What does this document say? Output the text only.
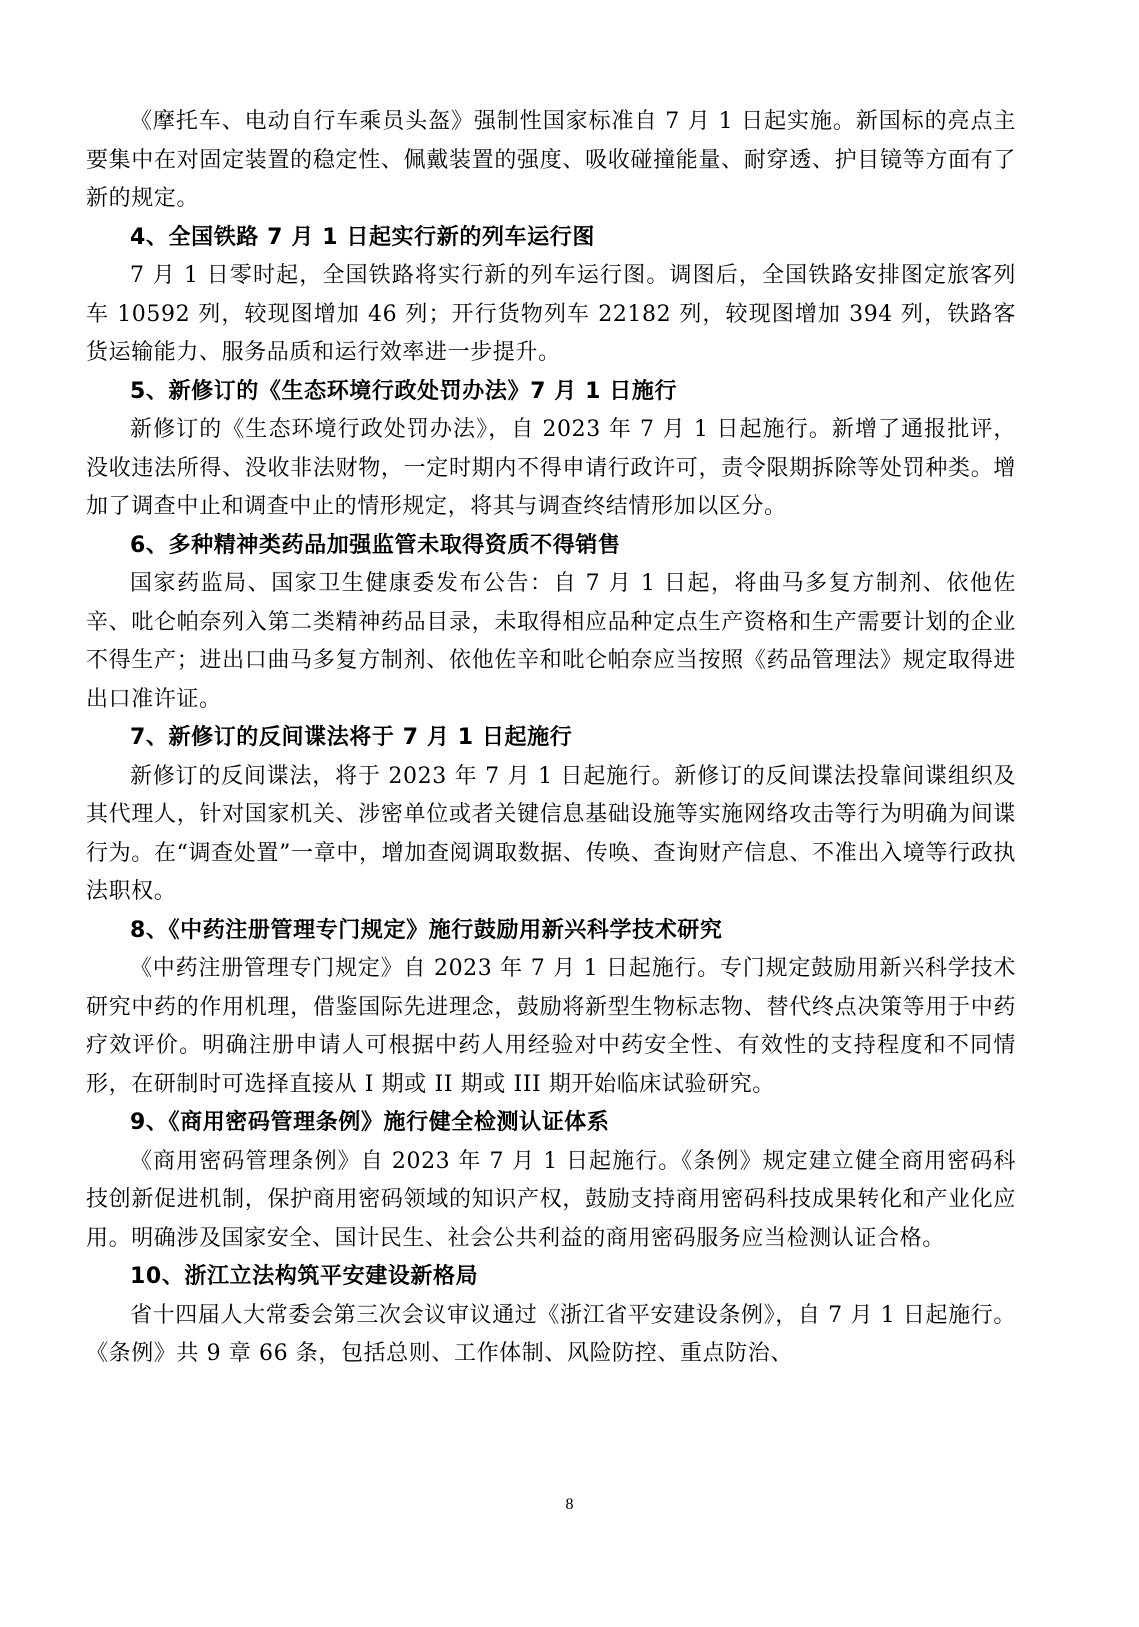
《摩托车、电动自行车乘员头盔》强制性国家标准自 7 月 1 日起实施。新国标的亮点主要集中在对固定装置的稳定性、佩戴装置的强度、吸收碰撞能量、耐穿透、护目镜等方面有了新的规定。

4、全国铁路 7 月 1 日起实行新的列车运行图

7 月 1 日零时起，全国铁路将实行新的列车运行图。调图后，全国铁路安排图定旅客列车 10592 列，较现图增加 46 列；开行货物列车 22182 列，较现图增加 394 列，铁路客货运输能力、服务品质和运行效率进一步提升。

5、新修订的《生态环境行政处罚办法》7 月 1 日施行

新修订的《生态环境行政处罚办法》，自 2023 年 7 月 1 日起施行。新增了通报批评，没收违法所得、没收非法财物，一定时期内不得申请行政许可，责令限期拆除等处罚种类。增加了调查中止和调查中止的情形规定，将其与调查终结情形加以区分。

6、多种精神类药品加强监管未取得资质不得销售

国家药监局、国家卫生健康委发布公告：自 7 月 1 日起，将曲马多复方制剂、依他佐辛、吡仑帕奈列入第二类精神药品目录，未取得相应品种定点生产资格和生产需要计划的企业不得生产；进出口曲马多复方制剂、依他佐辛和吡仑帕奈应当按照《药品管理法》规定取得进出口准许证。

7、新修订的反间谍法将于 7 月 1 日起施行

新修订的反间谍法，将于 2023 年 7 月 1 日起施行。新修订的反间谍法投靠间谍组织及其代理人，针对国家机关、涉密单位或者关键信息基础设施等实施网络攻击等行为明确为间谍行为。在“调查处置”一章中，增加查阅调取数据、传唤、查询财产信息、不准出入境等行政执法职权。

8、《中药注册管理专门规定》施行鼓励用新兴科学技术研究

《中药注册管理专门规定》自 2023 年 7 月 1 日起施行。专门规定鼓励用新兴科学技术研究中药的作用机理，借鉴国际先进理念，鼓励将新型生物标志物、替代终点决策等用于中药疗效评价。明确注册申请人可根据中药人用经验对中药安全性、有效性的支持程度和不同情形，在研制时可选择直接从 I 期或 II 期或 III 期开始临床试验研究。

9、《商用密码管理条例》施行健全检测认证体系

《商用密码管理条例》自 2023 年 7 月 1 日起施行。《条例》规定建立健全商用密码科技创新促进机制，保护商用密码领域的知识产权，鼓励支持商用密码科技成果转化和产业化应用。明确涉及国家安全、国计民生、社会公共利益的商用密码服务应当检测认证合格。

10、浙江立法构筑平安建设新格局

省十四届人大常委会第三次会议审议通过《浙江省平安建设条例》，自 7 月 1 日起施行。《条例》共 9 章 66 条，包括总则、工作体制、风险防控、重点防治、

8
